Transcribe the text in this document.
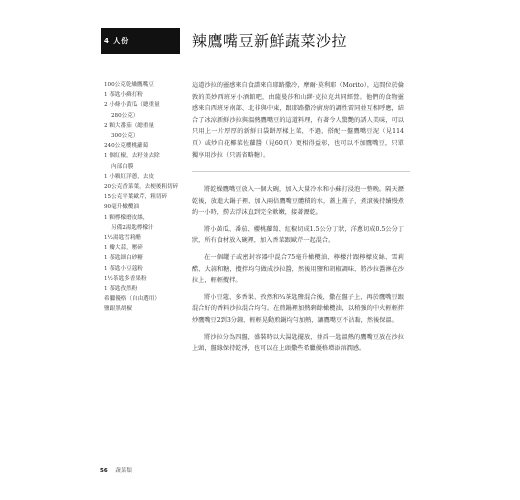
4 人份	辣鷹嘴豆新鮮蔬菜沙拉
100公克乾燥鷹嘴豆
1 茶匙小蘇打粉
2 小條小黃瓜（總重量
280公克）
2 顆大番茄（總重量
300公克）
240公克櫻桃蘿蔔
1 個紅椒，去籽並去除
內部白膜
1 小顆紅洋蔥，去皮
20公克香菜葉，去梗後粗切碎
15公克平葉歐芹，粗切碎
90毫升橄欖油
1 顆檸檬磨皮絲，
另備2湯匙檸檬汁
1½湯匙雪莉醋
1 瓣大蒜，壓碎
1 茶匙細白砂糖
1 茶匙小豆蔻粉
1½茶匙多香果粉
1 茶匙孜然粉
希臘優格（自由選用）
鹽跟黑胡椒
這道沙拉的靈感來自食譜來自耶路撒冷，摩爾·莫利耶（Morito），這間位於倫敦的美妙西班牙小酒館吧，由薩曼莎和山繆·克拉克共同經營。他們的食物靈感來自西班牙南部、北非與中東，跟耶路撒冷廚房的調性雷同並互相呼應，結合了冰涼新鮮沙拉與溫熱鷹嘴豆的這道料理，有著令人驚艷的誘人美味，可以只用上一片厚厚的新鮮日袋餅厚樣上菜，不過，搭配一盤鷹嘴豆泥（見114頁）或炒自花椰菜佐蘿醬（見60頁）更相得益彰，也可以不加鷹嘴豆，只單獨享用沙拉（只需省略糖）。

將乾燥鷹嘴豆放入一個大碗，加入大量冷水和小蘇打浸泡一整晚。隔天瀝乾後，放進大鍋子裡，加入兩倍鷹嘴豆體積的水，蓋上蓋子，煮滾後持續慢煮約一小時，撈去浮沫直到完全軟嫩，接著瀝乾。

將小黃瓜、番茄、櫻桃蘿蔔、紅椒切成1.5公分丁狀，洋蔥切成0.5公分丁狀，所有食材放入碗裡，加入香菜跟歐芹一起混合。

在一個罐子或密封容器中混合75毫升橄欖油、檸檬汁跟檸檬皮絲、雪莉醋、大蒜和糖，攪拌均勻做成沙拉醬，然後用鹽和胡椒調味，將沙拉醬淋在沙拉上，輕輕攪拌。

將小豆蔻、多香果、孜然和¾茶匙鹽混合後，撒在盤子上，再於鷹嘴豆跟混合好的香料沙拉混合均勻。在煎鍋裡加熱剩餘橄欖油，以稍強的中火輕輕拌炒鷹嘴豆2到3分鐘，輕輕晃動煎鍋均勻加熱，讓鷹嘴豆不沾黏，然後保溫。

將沙拉分為四盤，盛裝時以大湯匙擺放，並舀一匙溫熱的鷹嘴豆放在沙拉上頭，盤緣保持乾淨，也可以在上頭撒些希臘優格增添溶潤感。

56 蔬菜類
